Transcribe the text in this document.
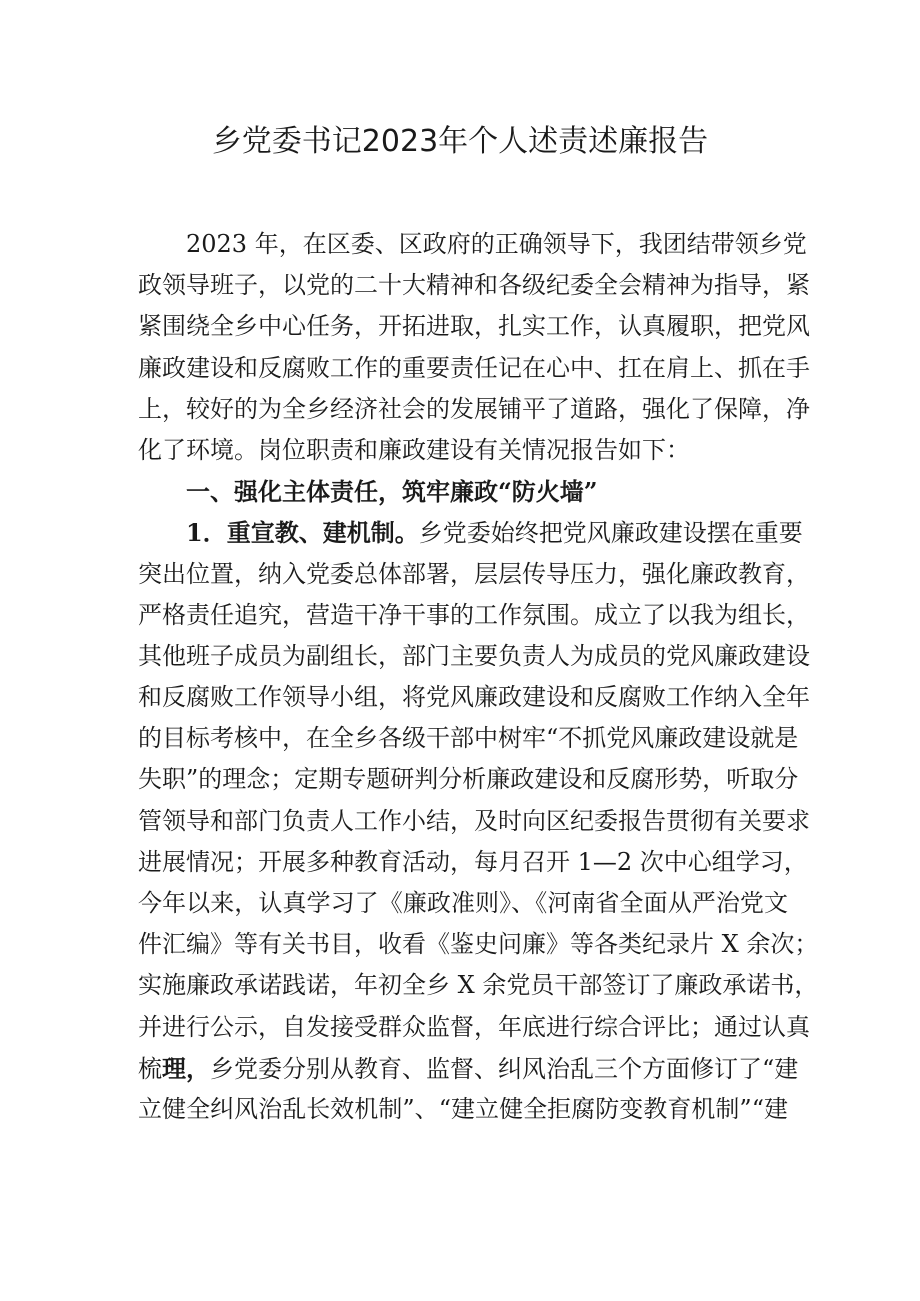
乡党委书记2023年个人述责述廉报告
2023 年，在区委、区政府的正确领导下，我团结带领乡党
政领导班子，以党的二十大精神和各级纪委全会精神为指导，紧
紧围绕全乡中心任务，开拓进取，扎实工作，认真履职，把党风
廉政建设和反腐败工作的重要责任记在心中、扛在肩上、抓在手
上，较好的为全乡经济社会的发展铺平了道路，强化了保障，净
化了环境。岗位职责和廉政建设有关情况报告如下：
一、强化主体责任，筑牢廉政“防火墙”
1．重宣教、建机制。乡党委始终把党风廉政建设摆在重要
突出位置，纳入党委总体部署，层层传导压力，强化廉政教育，
严格责任追究，营造干净干事的工作氛围。成立了以我为组长，
其他班子成员为副组长，部门主要负责人为成员的党风廉政建设
和反腐败工作领导小组，将党风廉政建设和反腐败工作纳入全年
的目标考核中，在全乡各级干部中树牢“不抓党风廉政建设就是
失职”的理念；定期专题研判分析廉政建设和反腐形势，听取分
管领导和部门负责人工作小结，及时向区纪委报告贯彻有关要求
进展情况；开展多种教育活动，每月召开 1—2 次中心组学习，
今年以来，认真学习了《廉政准则》、《河南省全面从严治党文
件汇编》等有关书目，收看《鉴史问廉》等各类纪录片 X 余次；
实施廉政承诺践诺，年初全乡 X 余党员干部签订了廉政承诺书，
并进行公示，自发接受群众监督，年底进行综合评比；通过认真
梳理，乡党委分别从教育、监督、纠风治乱三个方面修订了“建
立健全纠风治乱长效机制”、“建立健全拒腐防变教育机制”“建
